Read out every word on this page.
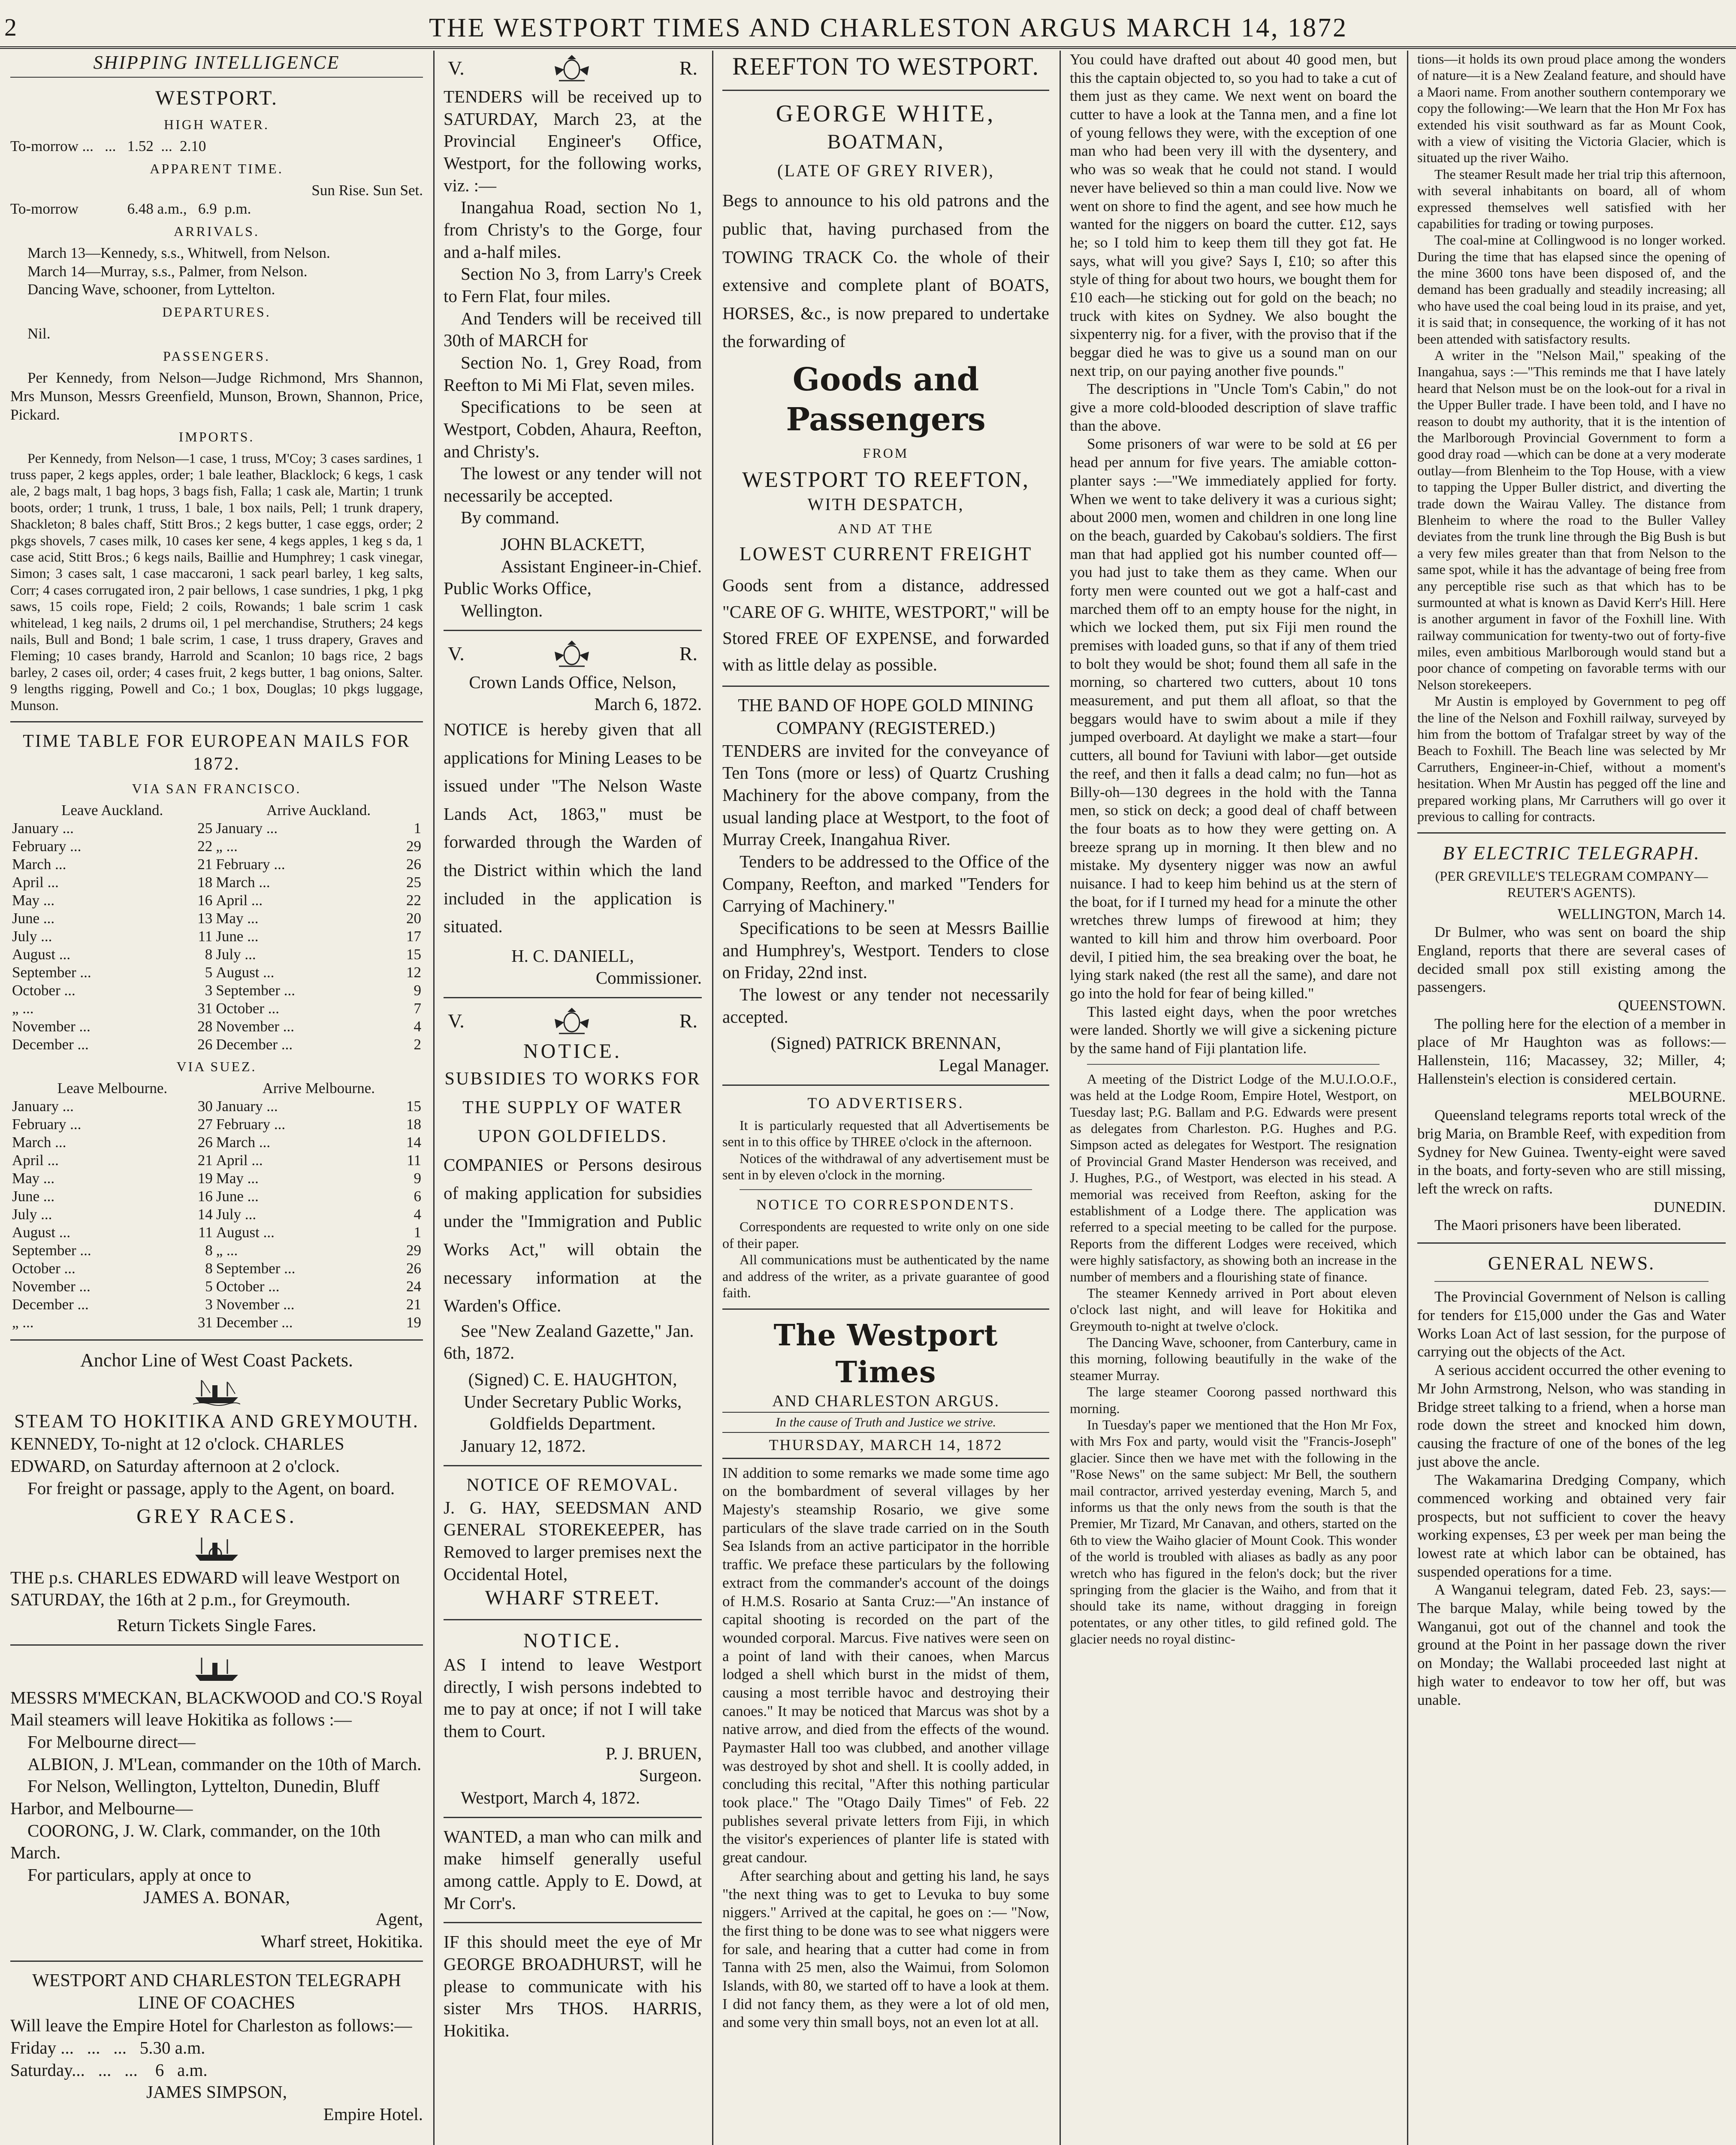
2	THE WESTPORT TIMES AND CHARLESTON ARGUS MARCH 14, 1872
SHIPPING INTELLIGENCE
WESTPORT.
HIGH WATER.
To-morrow ...   ...   1.52  ...  2.10
APPARENT TIME.
Sun Rise. Sun Set.
To-morrow             6.48 a.m.,   6.9  p.m.
ARRIVALS.
March 13—Kennedy, s.s., Whitwell, from Nelson.
March 14—Murray, s.s., Palmer, from Nelson.
Dancing Wave, schooner, from Lyttelton.
DEPARTURES.
Nil.
PASSENGERS.
Per Kennedy, from Nelson—Judge Richmond, Mrs Shannon, Mrs Munson, Messrs Greenfield, Munson, Brown, Shannon, Price, Pickard.
IMPORTS.
Per Kennedy, from Nelson—1 case, 1 truss, M'Coy; 3 cases sardines, 1 truss paper, 2 kegs apples, order; 1 bale leather, Blacklock; 6 kegs, 1 cask ale, 2 bags malt, 1 bag hops, 3 bags fish, Falla; 1 cask ale, Martin; 1 trunk boots, order; 1 trunk, 1 truss, 1 bale, 1 box nails, Pell; 1 trunk drapery, Shackleton; 8 bales chaff, Stitt Bros.; 2 kegs butter, 1 case eggs, order; 2 pkgs shovels, 7 cases milk, 10 cases ker sene, 4 kegs apples, 1 keg s da, 1 case acid, Stitt Bros.; 6 kegs nails, Baillie and Humphrey; 1 cask vinegar, Simon; 3 cases salt, 1 case maccaroni, 1 sack pearl barley, 1 keg salts, Corr; 4 cases corrugated iron, 2 pair bellows, 1 case sundries, 1 pkg, 1 pkg saws, 15 coils rope, Field; 2 coils, Rowands; 1 bale scrim 1 cask whitelead, 1 keg nails, 2 drums oil, 1 pel merchandise, Struthers; 24 kegs nails, Bull and Bond; 1 bale scrim, 1 case, 1 truss drapery, Graves and Fleming; 10 cases brandy, Harrold and Scanlon; 10 bags rice, 2 bags barley, 2 cases oil, order; 4 cases fruit, 2 kegs butter, 1 bag onions, Salter. 9 lengths rigging, Powell and Co.; 1 box, Douglas; 10 pkgs luggage, Munson.
TIME TABLE FOR EUROPEAN MAILS FOR 1872.
VIA SAN FRANCISCO.
Leave Auckland.		Arrive Auckland.	
January ...	25	January ...	1
February ...	22	„ ...	29
March ...	21	February ...	26
April ...	18	March ...	25
May ...	16	April ...	22
June ...	13	May ...	20
July ...	11	June ...	17
August ...	8	July ...	15
September ...	5	August ...	12
October ...	3	September ...	9
„ ...	31	October ...	7
November ...	28	November ...	4
December ...	26	December ...	2
VIA SUEZ.
Leave Melbourne.		Arrive Melbourne.	
January ...	30	January ...	15
February ...	27	February ...	18
March ...	26	March ...	14
April ...	21	April ...	11
May ...	19	May ...	9
June ...	16	June ...	6
July ...	14	July ...	4
August ...	11	August ...	1
September ...	8	„ ...	29
October ...	8	September ...	26
November ...	5	October ...	24
December ...	3	November ...	21
„ ...	31	December ...	19
Anchor Line of West Coast Packets.
STEAM TO HOKITIKA AND GREYMOUTH.
KENNEDY, To-night at 12 o'clock. CHARLES EDWARD, on Saturday afternoon at 2 o'clock.
For freight or passage, apply to the Agent, on board.
GREY RACES.
THE p.s. CHARLES EDWARD will leave Westport on SATURDAY, the 16th at 2 p.m., for Greymouth.
Return Tickets Single Fares.
MESSRS M'MECKAN, BLACKWOOD and CO.'S Royal Mail steamers will leave Hokitika as follows :—
For Melbourne direct—
ALBION, J. M'Lean, commander on the 10th of March.
For Nelson, Wellington, Lyttelton, Dunedin, Bluff Harbor, and Melbourne—
COORONG, J. W. Clark, commander, on the 10th March.
For particulars, apply at once to
JAMES A. BONAR,
Agent,
Wharf street, Hokitika.
WESTPORT AND CHARLESTON TELEGRAPH LINE OF COACHES
Will leave the Empire Hotel for Charleston as follows:—
Friday ...   ...   ...   5.30 a.m.
Saturday...   ...   ...    6   a.m.
JAMES SIMPSON,
Empire Hotel.
V.	R.
TENDERS will be received up to SATURDAY, March 23, at the Provincial Engineer's Office, Westport, for the following works, viz. :—
Inangahua Road, section No 1, from Christy's to the Gorge, four and a-half miles.
Section No 3, from Larry's Creek to Fern Flat, four miles.
And Tenders will be received till 30th of MARCH for
Section No. 1, Grey Road, from Reefton to Mi Mi Flat, seven miles.
Specifications to be seen at Westport, Cobden, Ahaura, Reefton, and Christy's.
The lowest or any tender will not necessarily be accepted.
By command.
JOHN BLACKETT,
Assistant Engineer-in-Chief.
Public Works Office,
Wellington.
V.	R.
Crown Lands Office, Nelson,
March 6, 1872.
NOTICE is hereby given that all applications for Mining Leases to be issued under "The Nelson Waste Lands Act, 1863," must be forwarded through the Warden of the District within which the land included in the application is situated.
H. C. DANIELL,
Commissioner.
V.	R.
NOTICE.
SUBSIDIES TO WORKS FOR THE SUPPLY OF WATER UPON GOLDFIELDS.
COMPANIES or Persons desirous of making application for subsidies under the "Immigration and Public Works Act," will obtain the necessary information at the Warden's Office.
See "New Zealand Gazette," Jan. 6th, 1872.
(Signed) C. E. HAUGHTON,
Under Secretary Public Works,
Goldfields Department.
January 12, 1872.
NOTICE OF REMOVAL.
J. G. HAY, SEEDSMAN AND GENERAL STOREKEEPER, has Removed to larger premises next the Occidental Hotel,
WHARF STREET.
NOTICE.
AS I intend to leave Westport directly, I wish persons indebted to me to pay at once; if not I will take them to Court.
P. J. BRUEN,
Surgeon.
Westport, March 4, 1872.
WANTED, a man who can milk and make himself generally useful among cattle. Apply to E. Dowd, at Mr Corr's.
IF this should meet the eye of Mr GEORGE BROADHURST, will he please to communicate with his sister Mrs THOS. HARRIS, Hokitika.
REEFTON TO WESTPORT.
GEORGE WHITE,
BOATMAN,
(LATE OF GREY RIVER),
Begs to announce to his old patrons and the public that, having purchased from the TOWING TRACK Co. the whole of their extensive and complete plant of BOATS, HORSES, &c., is now prepared to undertake the forwarding of
Goods and Passengers
FROM
WESTPORT TO REEFTON,
WITH DESPATCH,
AND AT THE
LOWEST CURRENT FREIGHT
Goods sent from a distance, addressed "CARE OF G. WHITE, WESTPORT," will be Stored FREE OF EXPENSE, and forwarded with as little delay as possible.
THE BAND OF HOPE GOLD MINING COMPANY (REGISTERED.)
TENDERS are invited for the conveyance of Ten Tons (more or less) of Quartz Crushing Machinery for the above company, from the usual landing place at Westport, to the foot of Murray Creek, Inangahua River.
Tenders to be addressed to the Office of the Company, Reefton, and marked "Tenders for Carrying of Machinery."
Specifications to be seen at Messrs Baillie and Humphrey's, Westport. Tenders to close on Friday, 22nd inst.
The lowest or any tender not necessarily accepted.
(Signed) PATRICK BRENNAN,
Legal Manager.
TO ADVERTISERS.
It is particularly requested that all Advertisements be sent in to this office by THREE o'clock in the afternoon.
Notices of the withdrawal of any advertisement must be sent in by eleven o'clock in the morning.
NOTICE TO CORRESPONDENTS.
Correspondents are requested to write only on one side of their paper.
All communications must be authenticated by the name and address of the writer, as a private guarantee of good faith.
The Westport Times
AND CHARLESTON ARGUS.
In the cause of Truth and Justice we strive.
THURSDAY, MARCH 14, 1872
IN addition to some remarks we made some time ago on the bombardment of several villages by her Majesty's steamship Rosario, we give some particulars of the slave trade carried on in the South Sea Islands from an active participator in the horrible traffic. We preface these particulars by the following extract from the commander's account of the doings of H.M.S. Rosario at Santa Cruz:—"An instance of capital shooting is recorded on the part of the wounded corporal. Marcus. Five natives were seen on a point of land with their canoes, when Marcus lodged a shell which burst in the midst of them, causing a most terrible havoc and destroying their canoes." It may be noticed that Marcus was shot by a native arrow, and died from the effects of the wound. Paymaster Hall too was clubbed, and another village was destroyed by shot and shell. It is coolly added, in concluding this recital, "After this nothing particular took place." The "Otago Daily Times" of Feb. 22 publishes several private letters from Fiji, in which the visitor's experiences of planter life is stated with great candour.
After searching about and getting his land, he says "the next thing was to get to Levuka to buy some niggers." Arrived at the capital, he goes on :— "Now, the first thing to be done was to see what niggers were for sale, and hearing that a cutter had come in from Tanna with 25 men, also the Waimui, from Solomon Islands, with 80, we started off to have a look at them. I did not fancy them, as they were a lot of old men, and some very thin small boys, not an even lot at all.
You could have drafted out about 40 good men, but this the captain objected to, so you had to take a cut of them just as they came. We next went on board the cutter to have a look at the Tanna men, and a fine lot of young fellows they were, with the exception of one man who had been very ill with the dysentery, and who was so weak that he could not stand. I would never have believed so thin a man could live. Now we went on shore to find the agent, and see how much he wanted for the niggers on board the cutter. £12, says he; so I told him to keep them till they got fat. He says, what will you give? Says I, £10; so after this style of thing for about two hours, we bought them for £10 each—he sticking out for gold on the beach; no truck with kites on Sydney. We also bought the sixpenterry nig. for a fiver, with the proviso that if the beggar died he was to give us a sound man on our next trip, on our paying another five pounds."
The descriptions in "Uncle Tom's Cabin," do not give a more cold-blooded description of slave traffic than the above.
Some prisoners of war were to be sold at £6 per head per annum for five years. The amiable cotton-planter says :—"We immediately applied for forty. When we went to take delivery it was a curious sight; about 2000 men, women and children in one long line on the beach, guarded by Cakobau's soldiers. The first man that had applied got his number counted off—you had just to take them as they came. When our forty men were counted out we got a half-cast and marched them off to an empty house for the night, in which we locked them, put six Fiji men round the premises with loaded guns, so that if any of them tried to bolt they would be shot; found them all safe in the morning, so chartered two cutters, about 10 tons measurement, and put them all afloat, so that the beggars would have to swim about a mile if they jumped overboard. At daylight we make a start—four cutters, all bound for Taviuni with labor—get outside the reef, and then it falls a dead calm; no fun—hot as Billy-oh—130 degrees in the hold with the Tanna men, so stick on deck; a good deal of chaff between the four boats as to how they were getting on. A breeze sprang up in morning. It then blew and no mistake. My dysentery nigger was now an awful nuisance. I had to keep him behind us at the stern of the boat, for if I turned my head for a minute the other wretches threw lumps of firewood at him; they wanted to kill him and throw him overboard. Poor devil, I pitied him, the sea breaking over the boat, he lying stark naked (the rest all the same), and dare not go into the hold for fear of being killed."
This lasted eight days, when the poor wretches were landed. Shortly we will give a sickening picture by the same hand of Fiji plantation life.
A meeting of the District Lodge of the M.U.I.O.O.F., was held at the Lodge Room, Empire Hotel, Westport, on Tuesday last; P.G. Ballam and P.G. Edwards were present as delegates from Charleston. P.G. Hughes and P.G. Simpson acted as delegates for Westport. The resignation of Provincial Grand Master Henderson was received, and J. Hughes, P.G., of Westport, was elected in his stead. A memorial was received from Reefton, asking for the establishment of a Lodge there. The application was referred to a special meeting to be called for the purpose. Reports from the different Lodges were received, which were highly satisfactory, as showing both an increase in the number of members and a flourishing state of finance.
The steamer Kennedy arrived in Port about eleven o'clock last night, and will leave for Hokitika and Greymouth to-night at twelve o'clock.
The Dancing Wave, schooner, from Canterbury, came in this morning, following beautifully in the wake of the steamer Murray.
The large steamer Coorong passed northward this morning.
In Tuesday's paper we mentioned that the Hon Mr Fox, with Mrs Fox and party, would visit the "Francis-Joseph" glacier. Since then we have met with the following in the "Rose News" on the same subject: Mr Bell, the southern mail contractor, arrived yesterday evening, March 5, and informs us that the only news from the south is that the Premier, Mr Tizard, Mr Canavan, and others, started on the 6th to view the Waiho glacier of Mount Cook. This wonder of the world is troubled with aliases as badly as any poor wretch who has figured in the felon's dock; but the river springing from the glacier is the Waiho, and from that it should take its name, without dragging in foreign potentates, or any other titles, to gild refined gold. The glacier needs no royal distinc-
tions—it holds its own proud place among the wonders of nature—it is a New Zealand feature, and should have a Maori name. From another southern contemporary we copy the following:—We learn that the Hon Mr Fox has extended his visit southward as far as Mount Cook, with a view of visiting the Victoria Glacier, which is situated up the river Waiho.
The steamer Result made her trial trip this afternoon, with several inhabitants on board, all of whom expressed themselves well satisfied with her capabilities for trading or towing purposes.
The coal-mine at Collingwood is no longer worked. During the time that has elapsed since the opening of the mine 3600 tons have been disposed of, and the demand has been gradually and steadily increasing; all who have used the coal being loud in its praise, and yet, it is said that; in consequence, the working of it has not been attended with satisfactory results.
A writer in the "Nelson Mail," speaking of the Inangahua, says :—"This reminds me that I have lately heard that Nelson must be on the look-out for a rival in the Upper Buller trade. I have been told, and I have no reason to doubt my authority, that it is the intention of the Marlborough Provincial Government to form a good dray road —which can be done at a very moderate outlay—from Blenheim to the Top House, with a view to tapping the Upper Buller district, and diverting the trade down the Wairau Valley. The distance from Blenheim to where the road to the Buller Valley deviates from the trunk line through the Big Bush is but a very few miles greater than that from Nelson to the same spot, while it has the advantage of being free from any perceptible rise such as that which has to be surmounted at what is known as David Kerr's Hill. Here is another argument in favor of the Foxhill line. With railway communication for twenty-two out of forty-five miles, even ambitious Marlborough would stand but a poor chance of competing on favorable terms with our Nelson storekeepers.
Mr Austin is employed by Government to peg off the line of the Nelson and Foxhill railway, surveyed by him from the bottom of Trafalgar street by way of the Beach to Foxhill. The Beach line was selected by Mr Carruthers, Engineer-in-Chief, without a moment's hesitation. When Mr Austin has pegged off the line and prepared working plans, Mr Carruthers will go over it previous to calling for contracts.
BY ELECTRIC TELEGRAPH.
(PER GREVILLE'S TELEGRAM COMPANY— REUTER'S AGENTS).
WELLINGTON, March 14.
Dr Bulmer, who was sent on board the ship England, reports that there are several cases of decided small pox still existing among the passengers.
QUEENSTOWN.
The polling here for the election of a member in place of Mr Haughton was as follows:—Hallenstein, 116; Macassey, 32; Miller, 4; Hallenstein's election is considered certain.
MELBOURNE.
Queensland telegrams reports total wreck of the brig Maria, on Bramble Reef, with expedition from Sydney for New Guinea. Twenty-eight were saved in the boats, and forty-seven who are still missing, left the wreck on rafts.
DUNEDIN.
The Maori prisoners have been liberated.
GENERAL NEWS.
The Provincial Government of Nelson is calling for tenders for £15,000 under the Gas and Water Works Loan Act of last session, for the purpose of carrying out the objects of the Act.
A serious accident occurred the other evening to Mr John Armstrong, Nelson, who was standing in Bridge street talking to a friend, when a horse man rode down the street and knocked him down, causing the fracture of one of the bones of the leg just above the ancle.
The Wakamarina Dredging Company, which commenced working and obtained very fair prospects, but not sufficient to cover the heavy working expenses, £3 per week per man being the lowest rate at which labor can be obtained, has suspended operations for a time.
A Wanganui telegram, dated Feb. 23, says:—The barque Malay, while being towed by the Wanganui, got out of the channel and took the ground at the Point in her passage down the river on Monday; the Wallabi proceeded last night at high water to endeavor to tow her off, but was unable.
